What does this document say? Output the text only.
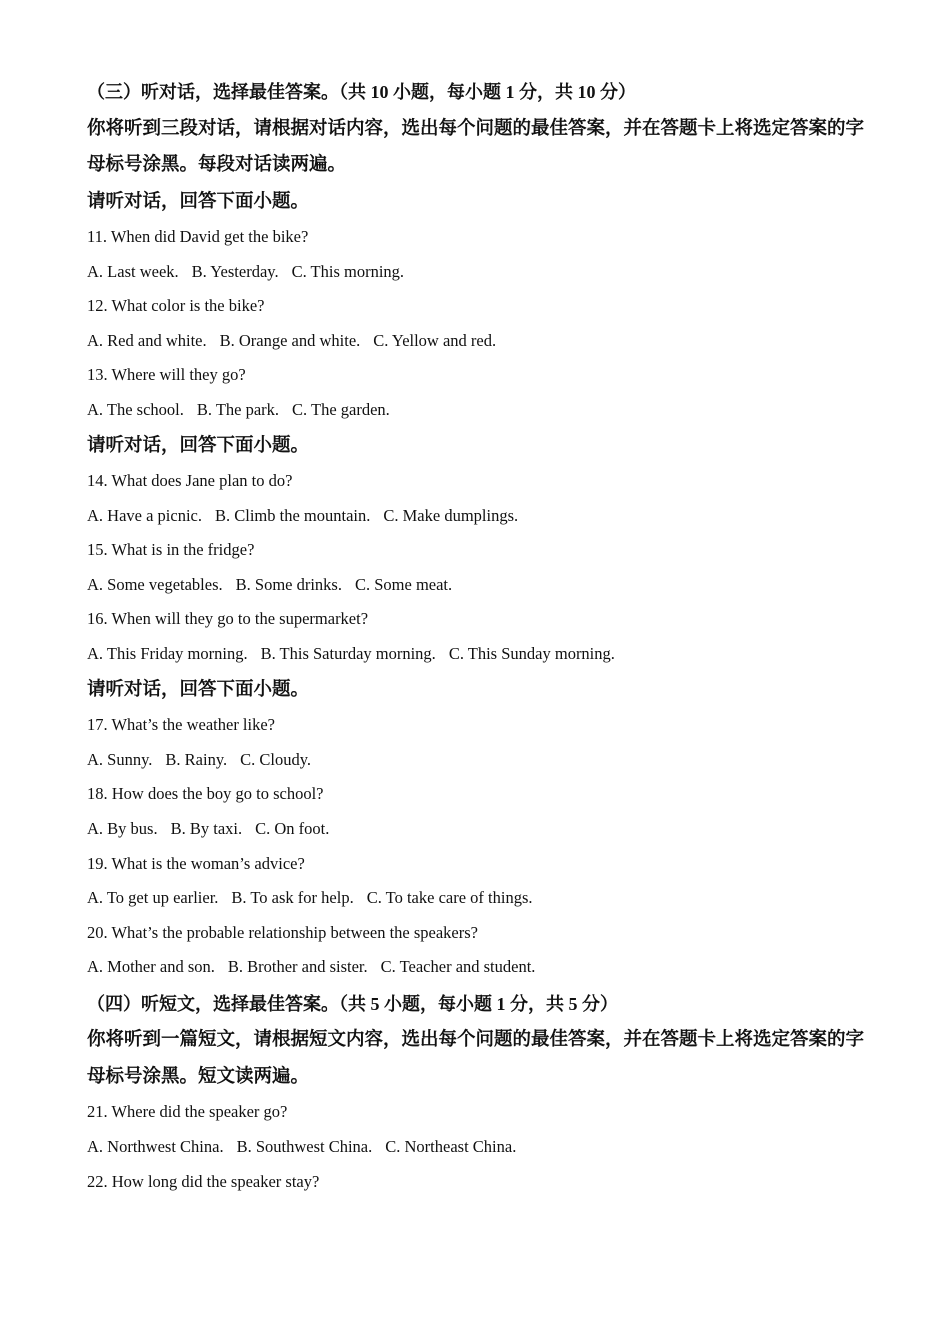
（三）听对话，选择最佳答案。（共 10 小题，每小题 1 分，共 10 分）
你将听到三段对话，请根据对话内容，选出每个问题的最佳答案，并在答题卡上将选定答案的字母标号涂黑。每段对话读两遍。
请听对话，回答下面小题。
11. When did David get the bike?
A. Last week. B. Yesterday. C. This morning.
12. What color is the bike?
A. Red and white. B. Orange and white. C. Yellow and red.
13. Where will they go?
A. The school. B. The park. C. The garden.
请听对话，回答下面小题。
14. What does Jane plan to do?
A. Have a picnic. B. Climb the mountain. C. Make dumplings.
15. What is in the fridge?
A. Some vegetables. B. Some drinks. C. Some meat.
16. When will they go to the supermarket?
A. This Friday morning. B. This Saturday morning. C. This Sunday morning.
请听对话，回答下面小题。
17. What’s the weather like?
A. Sunny. B. Rainy. C. Cloudy.
18. How does the boy go to school?
A. By bus. B. By taxi. C. On foot.
19. What is the woman’s advice?
A. To get up earlier. B. To ask for help. C. To take care of things.
20. What’s the probable relationship between the speakers?
A. Mother and son. B. Brother and sister. C. Teacher and student.
（四）听短文，选择最佳答案。（共 5 小题，每小题 1 分，共 5 分）
你将听到一篇短文，请根据短文内容，选出每个问题的最佳答案，并在答题卡上将选定答案的字母标号涂黑。短文读两遍。
21. Where did the speaker go?
A. Northwest China. B. Southwest China. C. Northeast China.
22. How long did the speaker stay?
